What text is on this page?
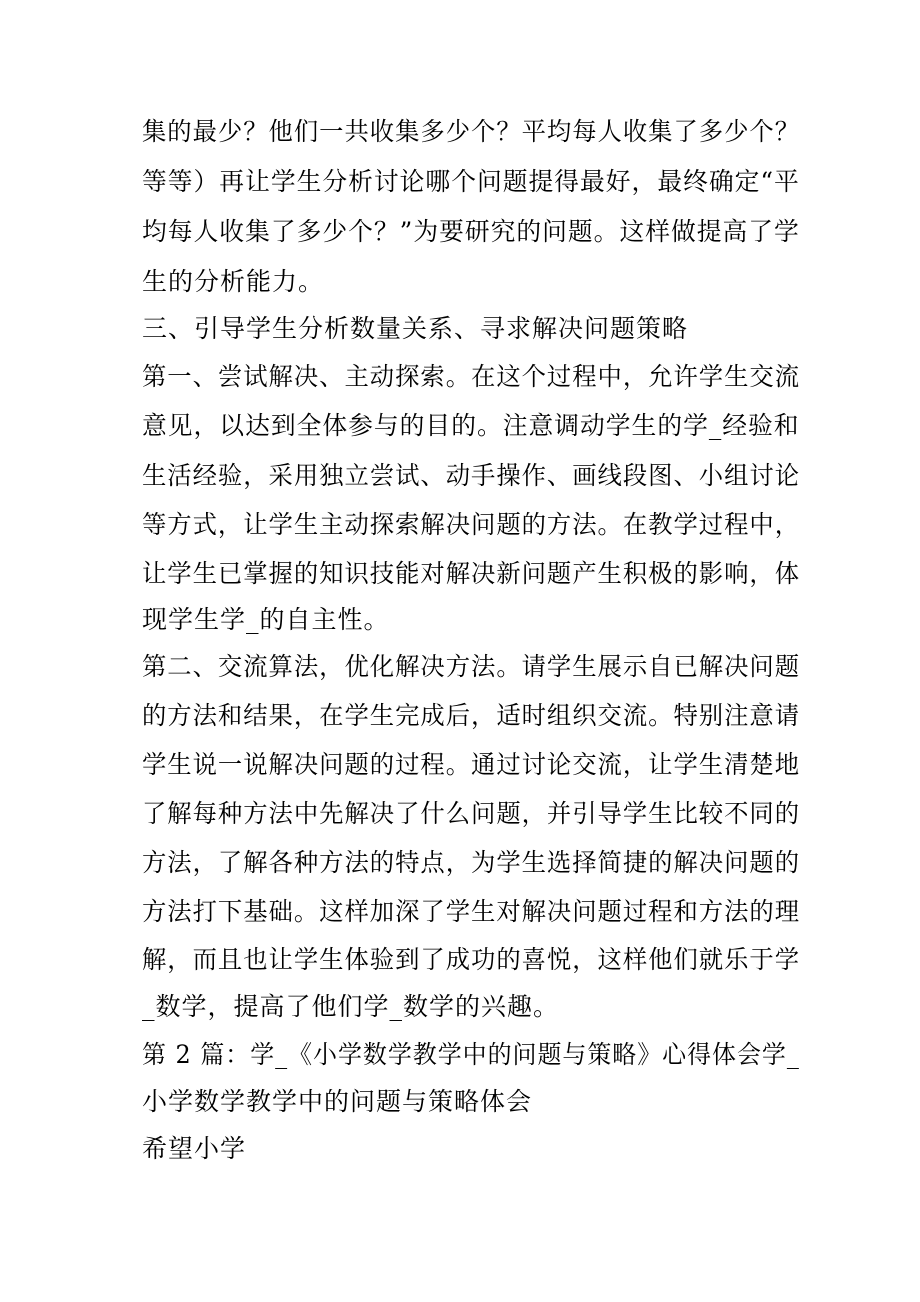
集的最少？他们一共收集多少个？平均每人收集了多少个？
等等）再让学生分析讨论哪个问题提得最好，最终确定“平
均每人收集了多少个？”为要研究的问题。这样做提高了学
生的分析能力。
三、引导学生分析数量关系、寻求解决问题策略
第一、尝试解决、主动探索。在这个过程中，允许学生交流
意见，以达到全体参与的目的。注意调动学生的学_经验和
生活经验，采用独立尝试、动手操作、画线段图、小组讨论
等方式，让学生主动探索解决问题的方法。在教学过程中，
让学生已掌握的知识技能对解决新问题产生积极的影响，体
现学生学_的自主性。
第二、交流算法，优化解决方法。请学生展示自已解决问题
的方法和结果，在学生完成后，适时组织交流。特别注意请
学生说一说解决问题的过程。通过讨论交流，让学生清楚地
了解每种方法中先解决了什么问题，并引导学生比较不同的
方法，了解各种方法的特点，为学生选择简捷的解决问题的
方法打下基础。这样加深了学生对解决问题过程和方法的理
解，而且也让学生体验到了成功的喜悦，这样他们就乐于学
_数学，提高了他们学_数学的兴趣。
第 2 篇：学_《小学数学教学中的问题与策略》心得体会学_
小学数学教学中的问题与策略体会
希望小学
